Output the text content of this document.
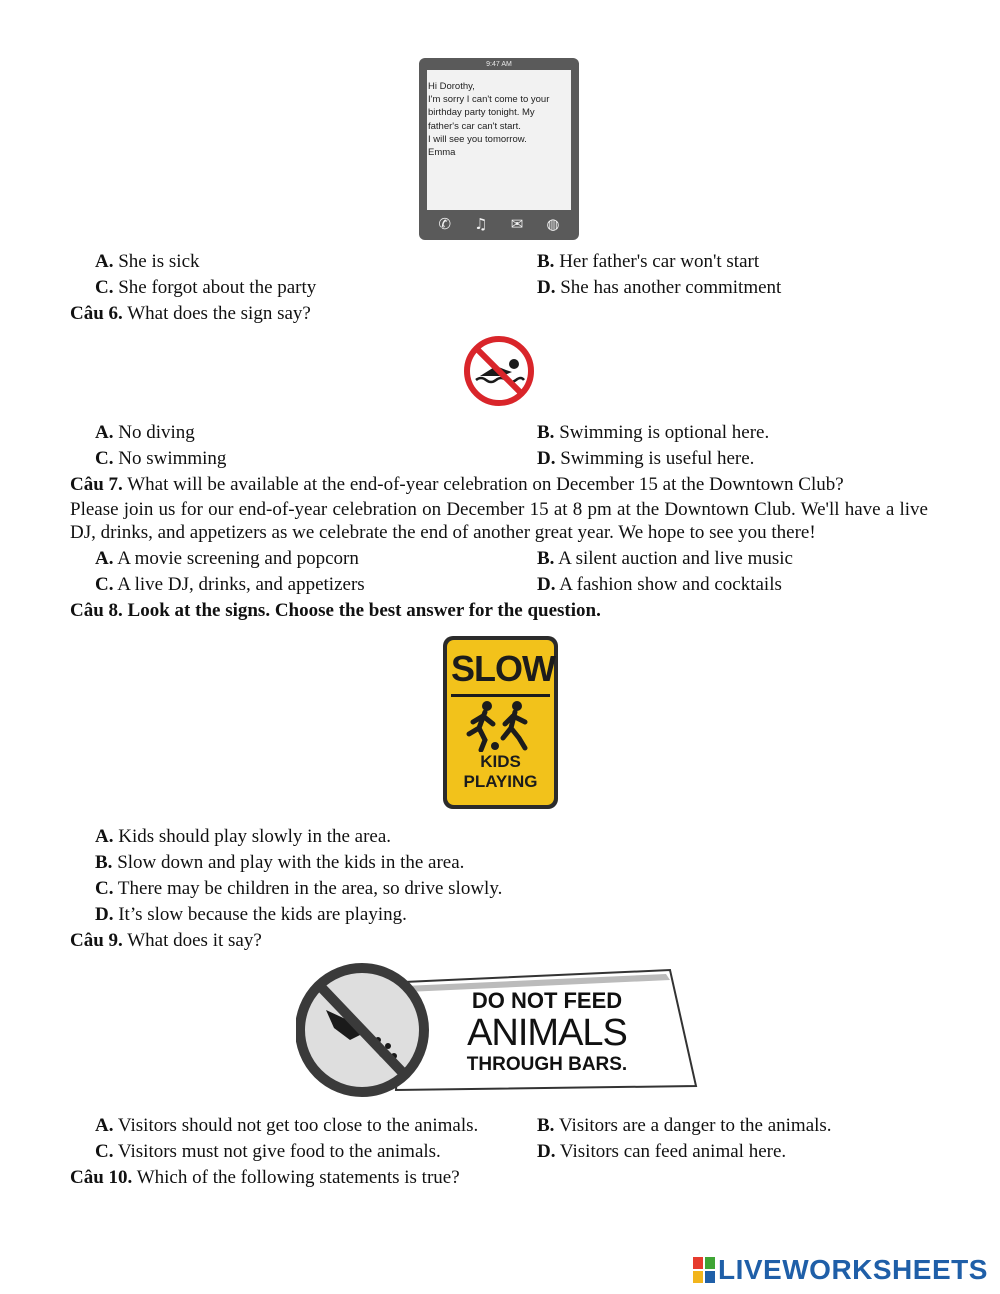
9:47 AM
Hi Dorothy,
I'm sorry I can't come to your birthday party tonight. My father's car can't start.
I will see you tomorrow.
Emma
✆ ♫ ✉ ◍
A. She is sick	B. Her father's car won't start
C. She forgot about the party	D. She has another commitment
Câu 6. What does the sign say?
A. No diving	B. Swimming is optional here.
C. No swimming	D. Swimming is useful here.
Câu 7. What will be available at the end-of-year celebration on December 15 at the Downtown Club?
Please join us for our end-of-year celebration on December 15 at 8 pm at the Downtown Club. We'll have a live DJ, drinks, and appetizers as we celebrate the end of another great year. We hope to see you there!
A. A movie screening and popcorn	B. A silent auction and live music
C. A live DJ, drinks, and appetizers	D. A fashion show and cocktails
Câu 8. Look at the signs. Choose the best answer for the question.
SLOW
KIDS
PLAYING
A. Kids should play slowly in the area.
B. Slow down and play with the kids in the area.
C. There may be children in the area, so drive slowly.
D. It’s slow because the kids are playing.
Câu 9. What does it say?
DO NOT FEED
ANIMALS
THROUGH BARS.
A. Visitors should not get too close to the animals.	B. Visitors are a danger to the animals.
C. Visitors must not give food to the animals.	D. Visitors can feed animal here.
Câu 10. Which of the following statements is true?
LIVEWORKSHEETS
